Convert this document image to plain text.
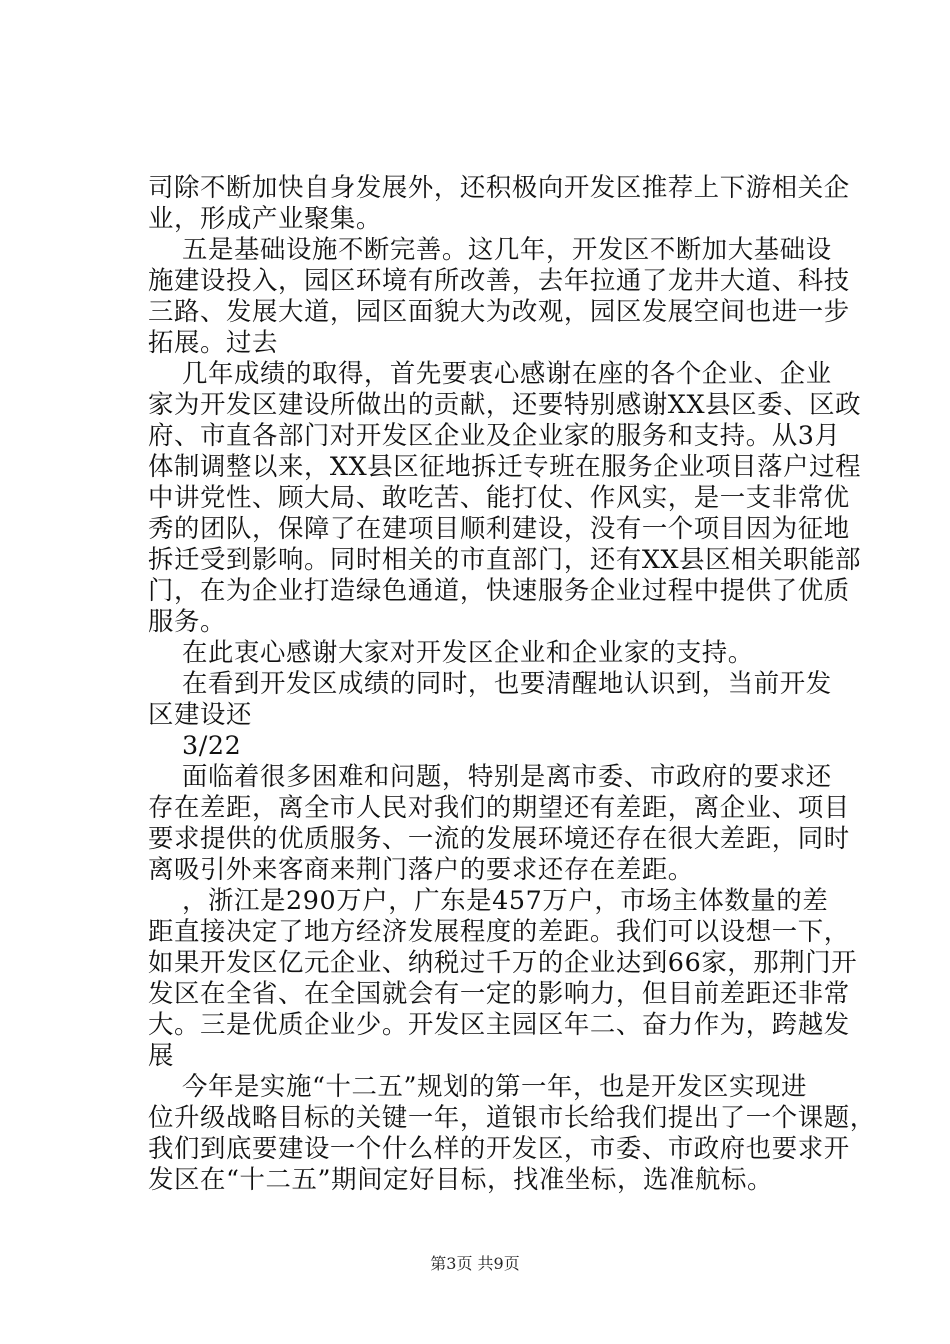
司除不断加快自身发展外，还积极向开发区推荐上下游相关企
业，形成产业聚集。
五是基础设施不断完善。这几年，开发区不断加大基础设
施建设投入，园区环境有所改善，去年拉通了龙井大道、科技
三路、发展大道，园区面貌大为改观，园区发展空间也进一步
拓展。过去
几年成绩的取得，首先要衷心感谢在座的各个企业、企业
家为开发区建设所做出的贡献，还要特别感谢XX县区委、区政
府、市直各部门对开发区企业及企业家的服务和支持。从3月
体制调整以来，XX县区征地拆迁专班在服务企业项目落户过程
中讲党性、顾大局、敢吃苦、能打仗、作风实，是一支非常优
秀的团队，保障了在建项目顺利建设，没有一个项目因为征地
拆迁受到影响。同时相关的市直部门，还有XX县区相关职能部
门，在为企业打造绿色通道，快速服务企业过程中提供了优质
服务。
在此衷心感谢大家对开发区企业和企业家的支持。
在看到开发区成绩的同时，也要清醒地认识到，当前开发
区建设还
3/22
面临着很多困难和问题，特别是离市委、市政府的要求还
存在差距，离全市人民对我们的期望还有差距，离企业、项目
要求提供的优质服务、一流的发展环境还存在很大差距，同时
离吸引外来客商来荆门落户的要求还存在差距。
，浙江是290万户，广东是457万户，市场主体数量的差
距直接决定了地方经济发展程度的差距。我们可以设想一下，
如果开发区亿元企业、纳税过千万的企业达到66家，那荆门开
发区在全省、在全国就会有一定的影响力，但目前差距还非常
大。三是优质企业少。开发区主园区年二、奋力作为，跨越发
展
今年是实施“十二五”规划的第一年，也是开发区实现进
位升级战略目标的关键一年，道银市长给我们提出了一个课题，
我们到底要建设一个什么样的开发区，市委、市政府也要求开
发区在“十二五”期间定好目标，找准坐标，选准航标。
第3页 共9页
